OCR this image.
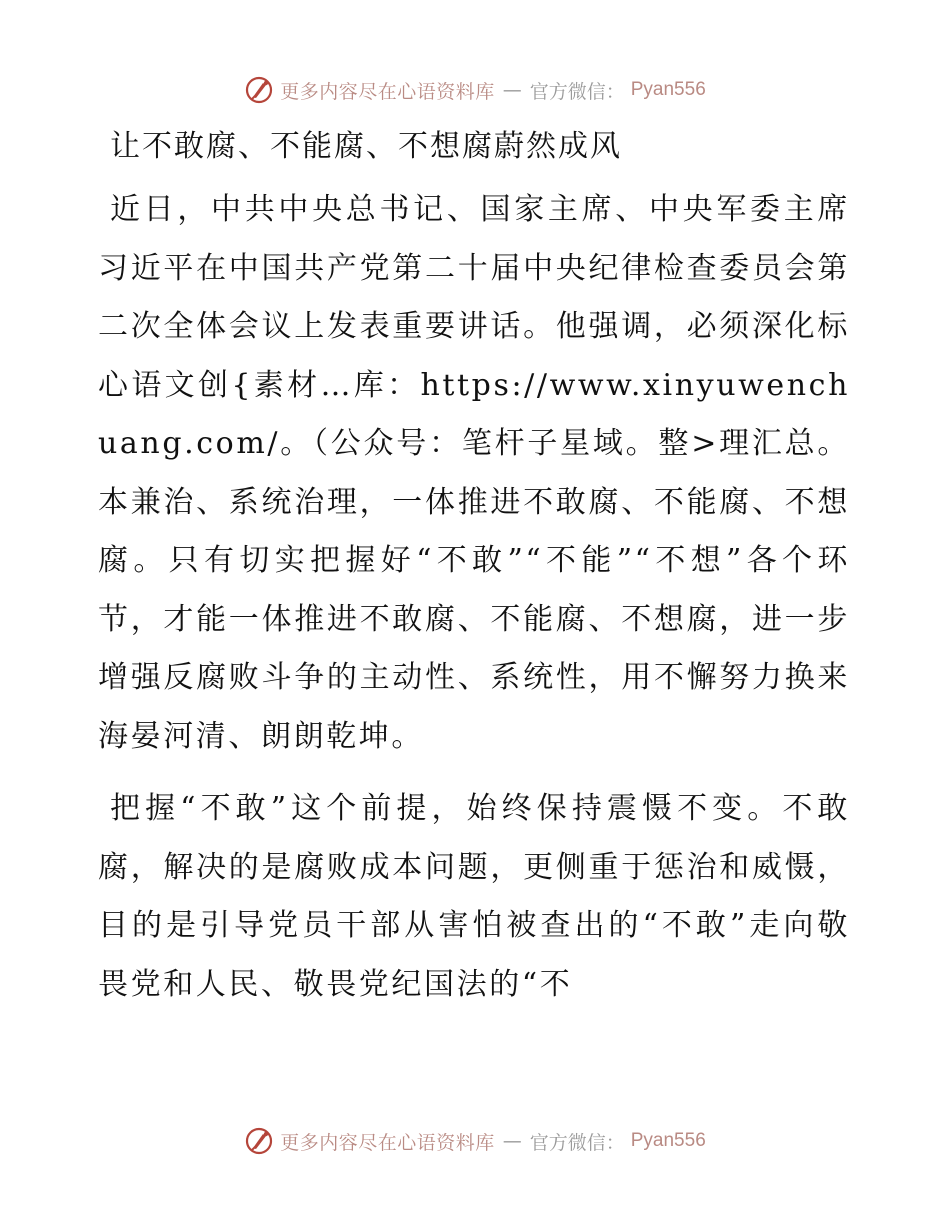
更多内容尽在心语资料库 — 官方微信： Pyan556
让不敢腐、不能腐、不想腐蔚然成风

近日，中共中央总书记、国家主席、中央军委主席习近平在中国共产党第二十届中央纪律检查委员会第二次全体会议上发表重要讲话。他强调，必须深化标心语文创{素材…库：https://www.xinyuwenchuang.com/。（公众号：笔杆子星域。整>理汇总。本兼治、系统治理，一体推进不敢腐、不能腐、不想腐。只有切实把握好“不敢”“不能”“不想”各个环节，才能一体推进不敢腐、不能腐、不想腐，进一步增强反腐败斗争的主动性、系统性，用不懈努力换来海晏河清、朗朗乾坤。

把握“不敢”这个前提，始终保持震慑不变。不敢腐，解决的是腐败成本问题，更侧重于惩治和威慑，目的是引导党员干部从害怕被查出的“不敢”走向敬畏党和人民、敬畏党纪国法的“不

更多内容尽在心语资料库 — 官方微信： Pyan556
